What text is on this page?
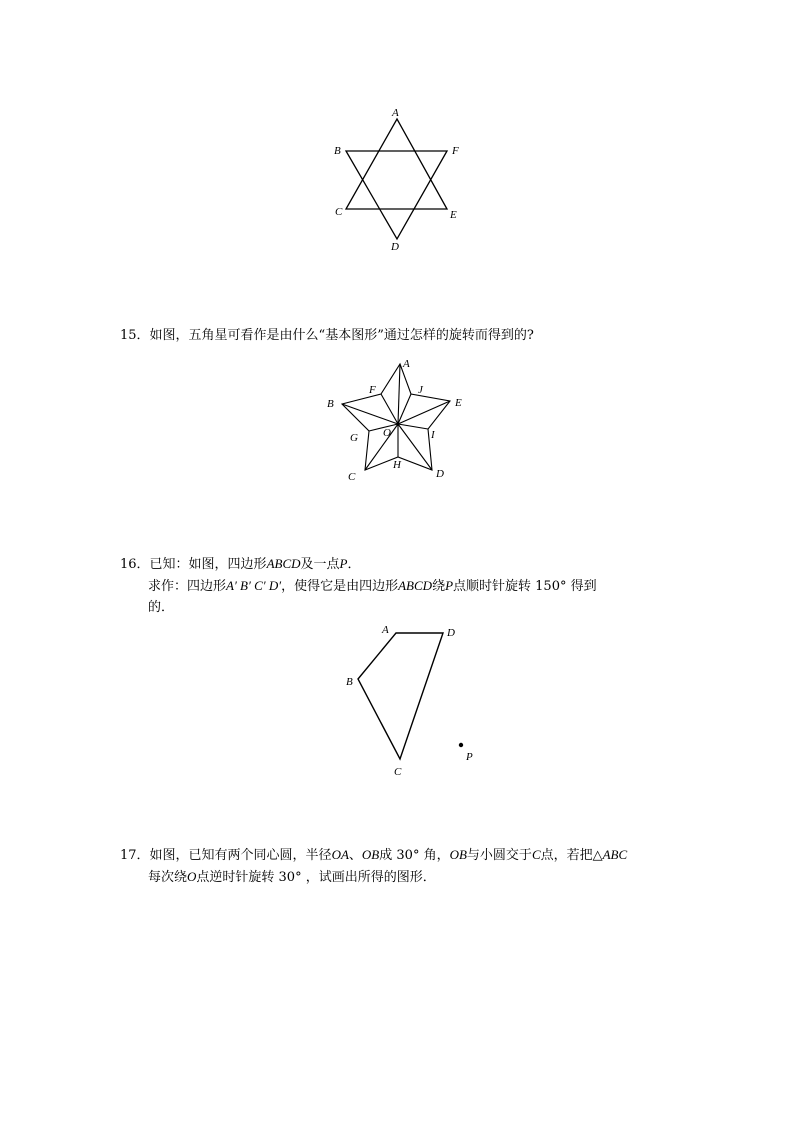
A
B
C
D
E
F
A
B
C	D
E
F
G
H
I
J
O
A
B
C
D
P
15．如图，五角星可看作是由什么“基本图形”通过怎样的旋转而得到的?
16．已知：如图，四边形ABCD及一点P．
求作：四边形A′ B′ C′ D′，使得它是由四边形ABCD绕P点顺时针旋转 150° 得到
的．
17．如图，已知有两个同心圆，半径OA、OB成 30° 角，OB与小圆交于C点，若把△ABC
每次绕O点逆时针旋转 30° ，试画出所得的图形．
